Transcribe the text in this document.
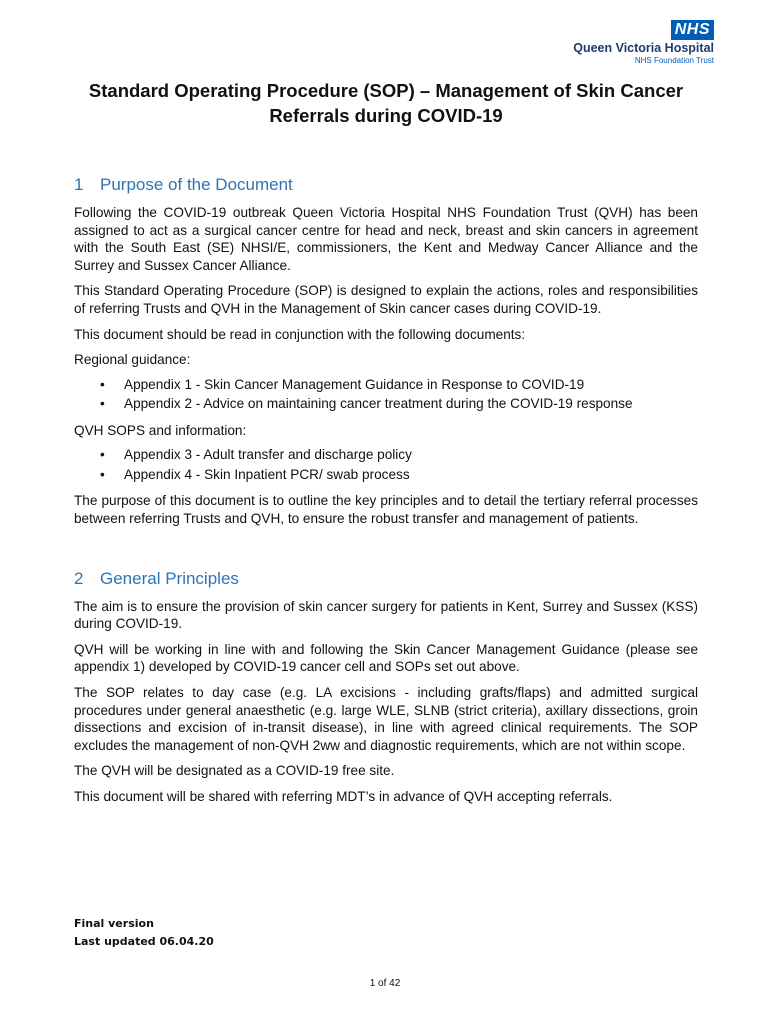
NHS
Queen Victoria Hospital
NHS Foundation Trust
Standard Operating Procedure (SOP) – Management of Skin Cancer Referrals during COVID-19
1 Purpose of the Document

Following the COVID-19 outbreak Queen Victoria Hospital NHS Foundation Trust (QVH) has been assigned to act as a surgical cancer centre for head and neck, breast and skin cancers in agreement with the South East (SE) NHSI/E, commissioners, the Kent and Medway Cancer Alliance and the Surrey and Sussex Cancer Alliance.

This Standard Operating Procedure (SOP) is designed to explain the actions, roles and responsibilities of referring Trusts and QVH in the Management of Skin cancer cases during COVID-19.

This document should be read in conjunction with the following documents:

Regional guidance:

• Appendix 1 - Skin Cancer Management Guidance in Response to COVID-19
• Appendix 2 - Advice on maintaining cancer treatment during the COVID-19 response

QVH SOPS and information:

• Appendix 3 - Adult transfer and discharge policy
• Appendix 4 - Skin Inpatient PCR/ swab process

The purpose of this document is to outline the key principles and to detail the tertiary referral processes between referring Trusts and QVH, to ensure the robust transfer and management of patients.

2 General Principles

The aim is to ensure the provision of skin cancer surgery for patients in Kent, Surrey and Sussex (KSS) during COVID-19.

QVH will be working in line with and following the Skin Cancer Management Guidance (please see appendix 1) developed by COVID-19 cancer cell and SOPs set out above.

The SOP relates to day case (e.g. LA excisions - including grafts/flaps) and admitted surgical procedures under general anaesthetic (e.g. large WLE, SLNB (strict criteria), axillary dissections, groin dissections and excision of in-transit disease), in line with agreed clinical requirements. The SOP excludes the management of non-QVH 2ww and diagnostic requirements, which are not within scope.

The QVH will be designated as a COVID-19 free site.

This document will be shared with referring MDT’s in advance of QVH accepting referrals.

Final version
Last updated 06.04.20
1 of 42
